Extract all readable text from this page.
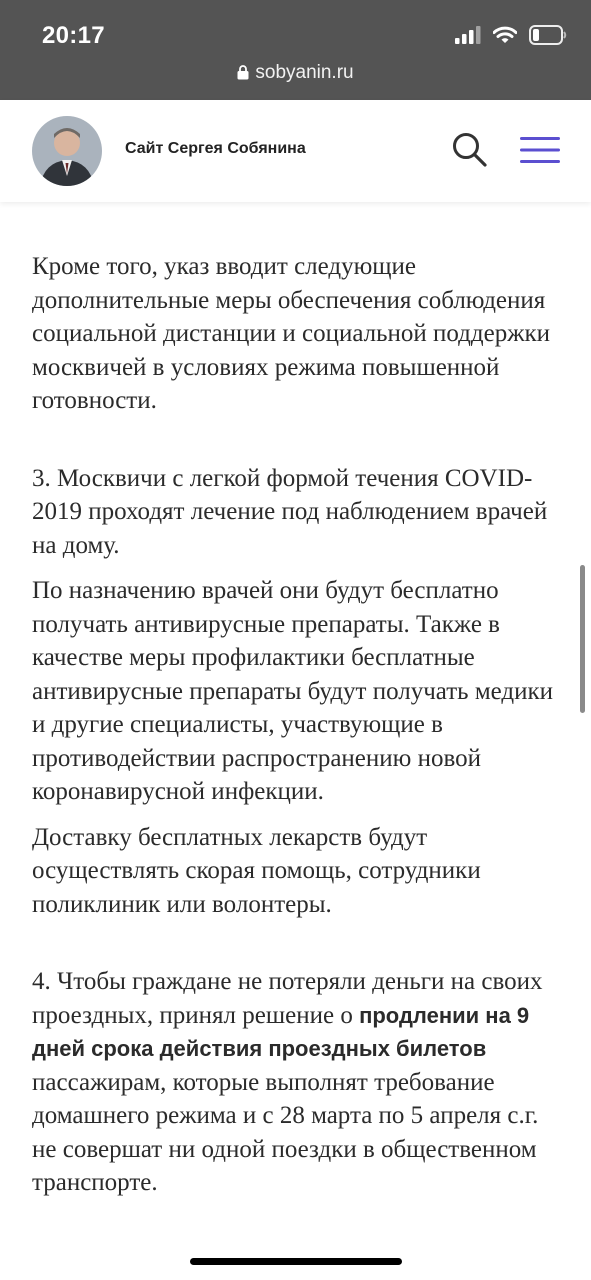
20:17
sobyanin.ru
Сайт Сергея Собянина

Кроме того, указ вводит следующие дополнительные меры обеспечения соблюдения социальной дистанции и социальной поддержки москвичей в условиях режима повышенной готовности.

3. Москвичи с легкой формой течения COVID-2019 проходят лечение под наблюдением врачей на дому.

По назначению врачей они будут бесплатно получать антивирусные препараты. Также в качестве меры профилактики бесплатные антивирусные препараты будут получать медики и другие специалисты, участвующие в противодействии распространению новой коронавирусной инфекции.

Доставку бесплатных лекарств будут осуществлять скорая помощь, сотрудники поликлиник или волонтеры.

4. Чтобы граждане не потеряли деньги на своих проездных, принял решение о продлении на 9 дней срока действия проездных билетов пассажирам, которые выполнят требование домашнего режима и с 28 марта по 5 апреля с.г. не совершат ни одной поездки в общественном транспорте.
